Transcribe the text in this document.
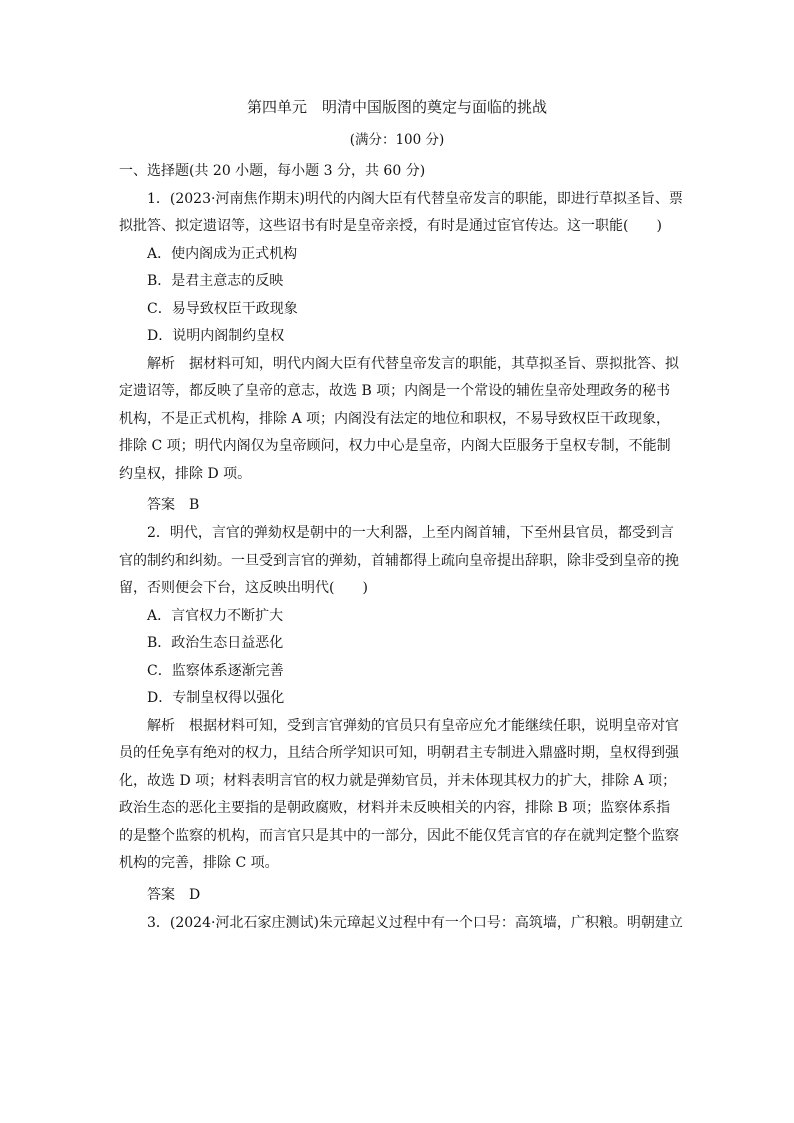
第四单元　明清中国版图的奠定与面临的挑战
(满分：100 分)
一、选择题(共 20 小题，每小题 3 分，共 60 分)
1．(2023·河南焦作期末)明代的内阁大臣有代替皇帝发言的职能，即进行草拟圣旨、票
拟批答、拟定遗诏等，这些诏书有时是皇帝亲授，有时是通过宦官传达。这一职能(　　)
A．使内阁成为正式机构
B．是君主意志的反映
C．易导致权臣干政现象
D．说明内阁制约皇权
解析 据材料可知，明代内阁大臣有代替皇帝发言的职能，其草拟圣旨、票拟批答、拟
定遗诏等，都反映了皇帝的意志，故选 B 项；内阁是一个常设的辅佐皇帝处理政务的秘书
机构，不是正式机构，排除 A 项；内阁没有法定的地位和职权，不易导致权臣干政现象，
排除 C 项；明代内阁仅为皇帝顾问，权力中心是皇帝，内阁大臣服务于皇权专制，不能制
约皇权，排除 D 项。
答案 B
2．明代，言官的弹劾权是朝中的一大利器，上至内阁首辅，下至州县官员，都受到言
官的制约和纠劾。一旦受到言官的弹劾，首辅都得上疏向皇帝提出辞职，除非受到皇帝的挽
留，否则便会下台，这反映出明代(　　)
A．言官权力不断扩大
B．政治生态日益恶化
C．监察体系逐渐完善
D．专制皇权得以强化
解析 根据材料可知，受到言官弹劾的官员只有皇帝应允才能继续任职，说明皇帝对官
员的任免享有绝对的权力，且结合所学知识可知，明朝君主专制进入鼎盛时期，皇权得到强
化，故选 D 项；材料表明言官的权力就是弹劾官员，并未体现其权力的扩大，排除 A 项；
政治生态的恶化主要指的是朝政腐败，材料并未反映相关的内容，排除 B 项；监察体系指
的是整个监察的机构，而言官只是其中的一部分，因此不能仅凭言官的存在就判定整个监察
机构的完善，排除 C 项。
答案 D
3．(2024·河北石家庄测试)朱元璋起义过程中有一个口号：高筑墙，广积粮。明朝建立
